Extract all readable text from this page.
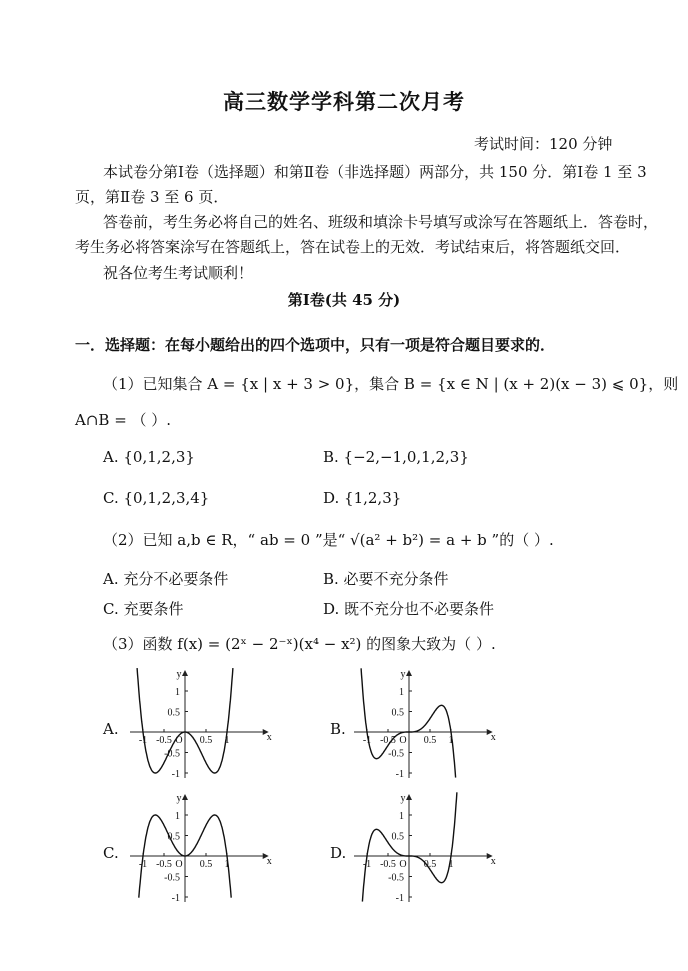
高三数学学科第二次月考
考试时间：120 分钟
本试卷分第Ⅰ卷（选择题）和第Ⅱ卷（非选择题）两部分，共 150 分．第Ⅰ卷 1 至 3
页，第Ⅱ卷 3 至 6 页．
答卷前，考生务必将自己的姓名、班级和填涂卡号填写或涂写在答题纸上．答卷时，
考生务必将答案涂写在答题纸上，答在试卷上的无效．考试结束后，将答题纸交回．
祝各位考生考试顺利！
第Ⅰ卷(共 45 分)
一．选择题：在每小题给出的四个选项中，只有一项是符合题目要求的．
（1）已知集合 A = {x | x + 3 > 0}，集合 B = {x ∈ N | (x + 2)(x − 3) ⩽ 0}，则
A∩B = （ ）.
A. {0,1,2,3}	B. {−2,−1,0,1,2,3}
C. {0,1,2,3,4}	D. {1,2,3}
（2）已知 a,b ∈ R，“ ab = 0 ”是“ √(a² + b²) = a + b ”的（ ）.
A. 充分不必要条件	B. 必要不充分条件
C. 充要条件	D. 既不充分也不必要条件
（3）函数 f(x) = (2ˣ − 2⁻ˣ)(x⁴ − x²) 的图象大致为（ ）.
A.	B.
C.	D.
x
y
O
-1 -0.5	0.5 1
1
0.5
-0.5
-1
x
y
O
-1 -0.5	0.5 1
1
0.5
-0.5
-1
x
y
O
-1 -0.5	0.5 1
1
0.5
-0.5
-1
x
y
O
-1 -0.5	0.5 1
1
0.5
-0.5
-1
